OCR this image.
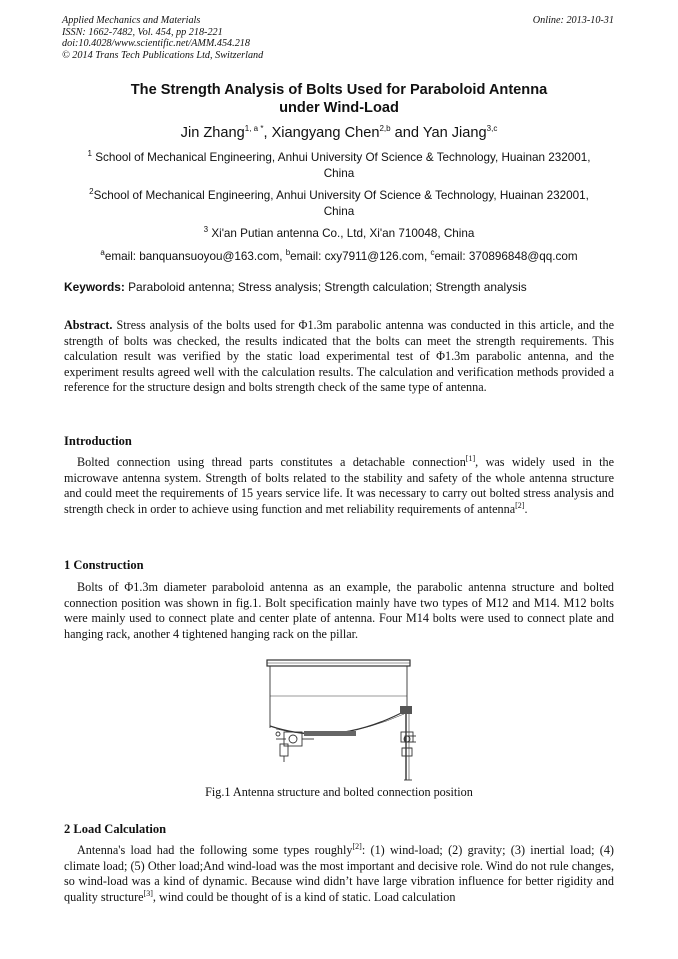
Applied Mechanics and Materials
ISSN: 1662-7482, Vol. 454, pp 218-221
doi:10.4028/www.scientific.net/AMM.454.218
© 2014 Trans Tech Publications Ltd, Switzerland
Online: 2013-10-31
The Strength Analysis of Bolts Used for Paraboloid Antenna
under Wind-Load
Jin Zhang$^{1, a *}$, Xiangyang Chen$^{2,b}$ and Yan Jiang$^{3,c}$
$^1$ School of Mechanical Engineering, Anhui University Of Science & Technology, Huainan 232001,
China
$^2$School of Mechanical Engineering, Anhui University Of Science & Technology, Huainan 232001,
China
$^3$ Xi'an Putian antenna Co., Ltd, Xi'an 710048, China
$^a$email: banquansuoyou@163.com, $^b$email: cxy7911@126.com, $^c$email: 370896848@qq.com
Keywords: Paraboloid antenna; Stress analysis; Strength calculation; Strength analysis
Abstract. Stress analysis of the bolts used for Φ1.3m parabolic antenna was conducted in this article, and the strength of bolts was checked, the results indicated that the bolts can meet the strength requirements. This calculation result was verified by the static load experimental test of Φ1.3m parabolic antenna, and the experiment results agreed well with the calculation results. The calculation and verification methods provided a reference for the structure design and bolts strength check of the same type of antenna.
Introduction
Bolted connection using thread parts constitutes a detachable connection[1], was widely used in the microwave antenna system. Strength of bolts related to the stability and safety of the whole antenna structure and could meet the requirements of 15 years service life. It was necessary to carry out bolted stress analysis and strength check in order to achieve using function and met reliability requirements of antenna[2].
1 Construction
Bolts of Φ1.3m diameter paraboloid antenna as an example, the parabolic antenna structure and bolted connection position was shown in fig.1. Bolt specification mainly have two types of M12 and M14. M12 bolts were mainly used to connect plate and center plate of antenna. Four M14 bolts were used to connect plate and hanging rack, another 4 tightened hanging rack on the pillar.
Fig.1 Antenna structure and bolted connection position
2 Load Calculation
Antenna's load had the following some types roughly[2]: (1) wind-load; (2) gravity; (3) inertial load; (4) climate load; (5) Other load;And wind-load was the most important and decisive role. Wind do not rule changes, so wind-load was a kind of dynamic. Because wind didn’t have large vibration influence for better rigidity and quality structure[3], wind could be thought of is a kind of static. Load calculation
